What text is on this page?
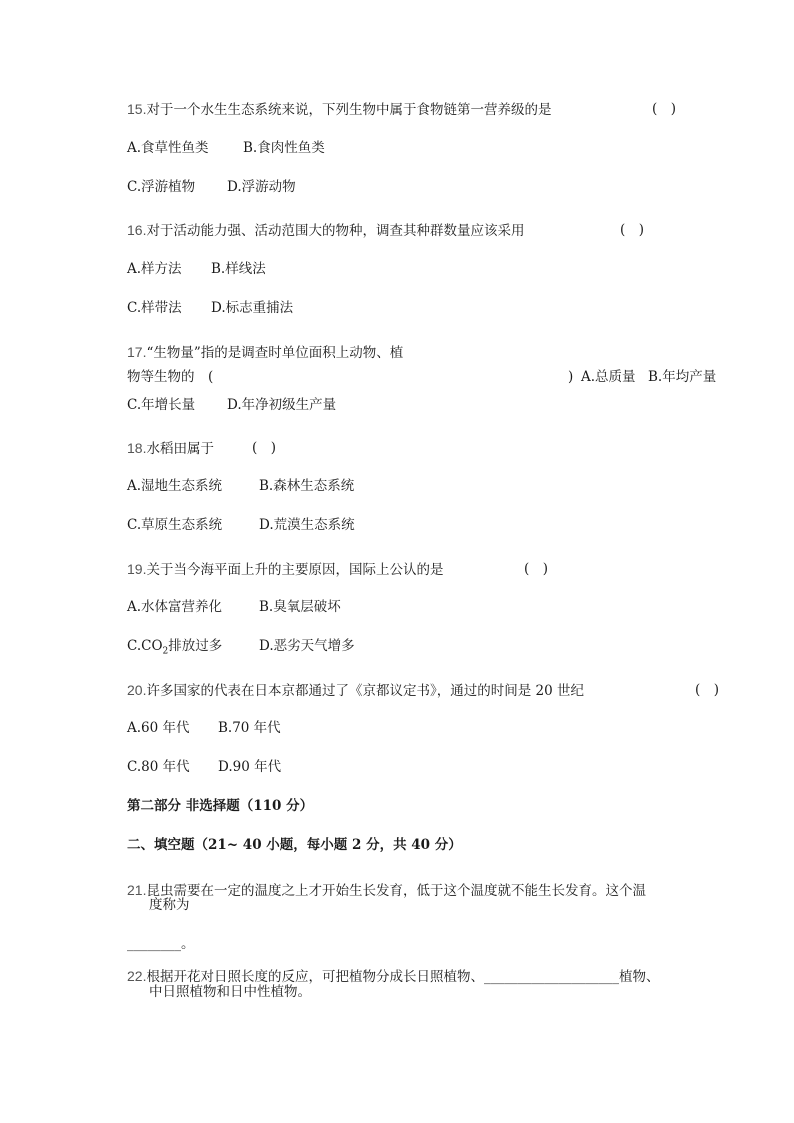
15.对于一个水生生态系统来说，下列生物中属于食物链第一营养级的是	(　)
A.食草性鱼类	B.食肉性鱼类
C.浮游植物 D.浮游动物
16.对于活动能力强、活动范围大的物种，调查其种群数量应该采用	(　)
A.样方法 B.样线法
C.样带法 D.标志重捕法
17.“生物量”指的是调查时单位面积上动物、植
物等生物的　(	) A.总质量 B.年均产量
C.年增长量 D.年净初级生产量
18.水稻田属于	(　)
A.湿地生态系统	B.森林生态系统
C.草原生态系统	D.荒漠生态系统
19.关于当今海平面上升的主要原因，国际上公认的是	(　)
A.水体富营养化	B.臭氧层破坏
$C.CO_2$排放过多	D.恶劣天气增多
20.许多国家的代表在日本京都通过了《京都议定书》，通过的时间是 20 世纪	(　)
A.60 年代 B.70 年代
C.80 年代 D.90 年代
第二部分 非选择题（110 分）
二、填空题（21~ 40 小题，每小题 2 分，共 40 分）
21.昆虫需要在一定的温度之上才开始生长发育，低于这个温度就不能生长发育。这个温
度称为
________。
22.根据开花对日照长度的反应，可把植物分成长日照植物、____________________植物、
中日照植物和日中性植物。
